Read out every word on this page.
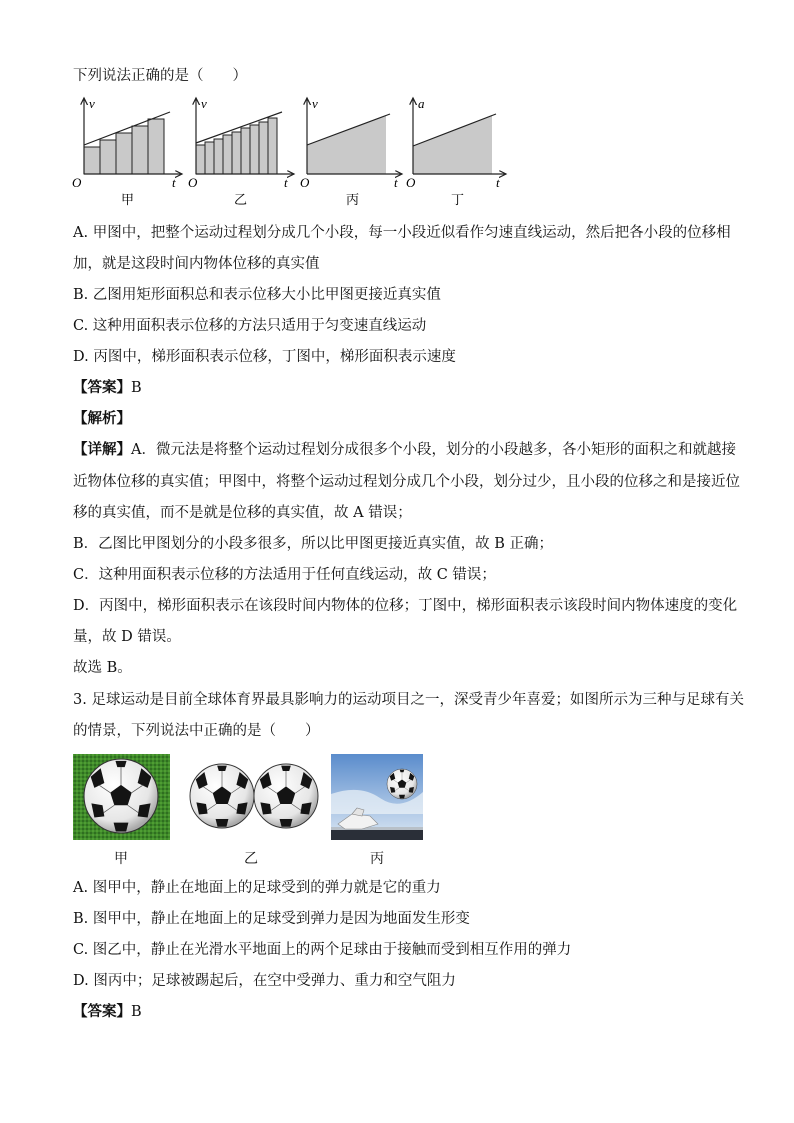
下列说法正确的是（　　）
v
O	t
甲
v
O	t
乙
v
O	t
丙
a
O	t
丁
A. 甲图中，把整个运动过程划分成几个小段，每一小段近似看作匀速直线运动，然后把各小段的位移相
加，就是这段时间内物体位移的真实值
B. 乙图用矩形面积总和表示位移大小比甲图更接近真实值
C. 这种用面积表示位移的方法只适用于匀变速直线运动
D. 丙图中，梯形面积表示位移，丁图中，梯形面积表示速度
【答案】B
【解析】
【详解】A．微元法是将整个运动过程划分成很多个小段，划分的小段越多，各小矩形的面积之和就越接
近物体位移的真实值；甲图中，将整个运动过程划分成几个小段，划分过少，且小段的位移之和是接近位
移的真实值，而不是就是位移的真实值，故 A 错误；
B．乙图比甲图划分的小段多很多，所以比甲图更接近真实值，故 B 正确；
C．这种用面积表示位移的方法适用于任何直线运动，故 C 错误；
D．丙图中，梯形面积表示在该段时间内物体的位移；丁图中，梯形面积表示该段时间内物体速度的变化
量，故 D 错误。
故选 B。
3. 足球运动是目前全球体育界最具影响力的运动项目之一，深受青少年喜爱；如图所示为三种与足球有关
的情景，下列说法中正确的是（　　）
甲	乙	丙
A. 图甲中，静止在地面上的足球受到的弹力就是它的重力
B. 图甲中，静止在地面上的足球受到弹力是因为地面发生形变
C. 图乙中，静止在光滑水平地面上的两个足球由于接触而受到相互作用的弹力
D. 图丙中；足球被踢起后，在空中受弹力、重力和空气阻力
【答案】B
